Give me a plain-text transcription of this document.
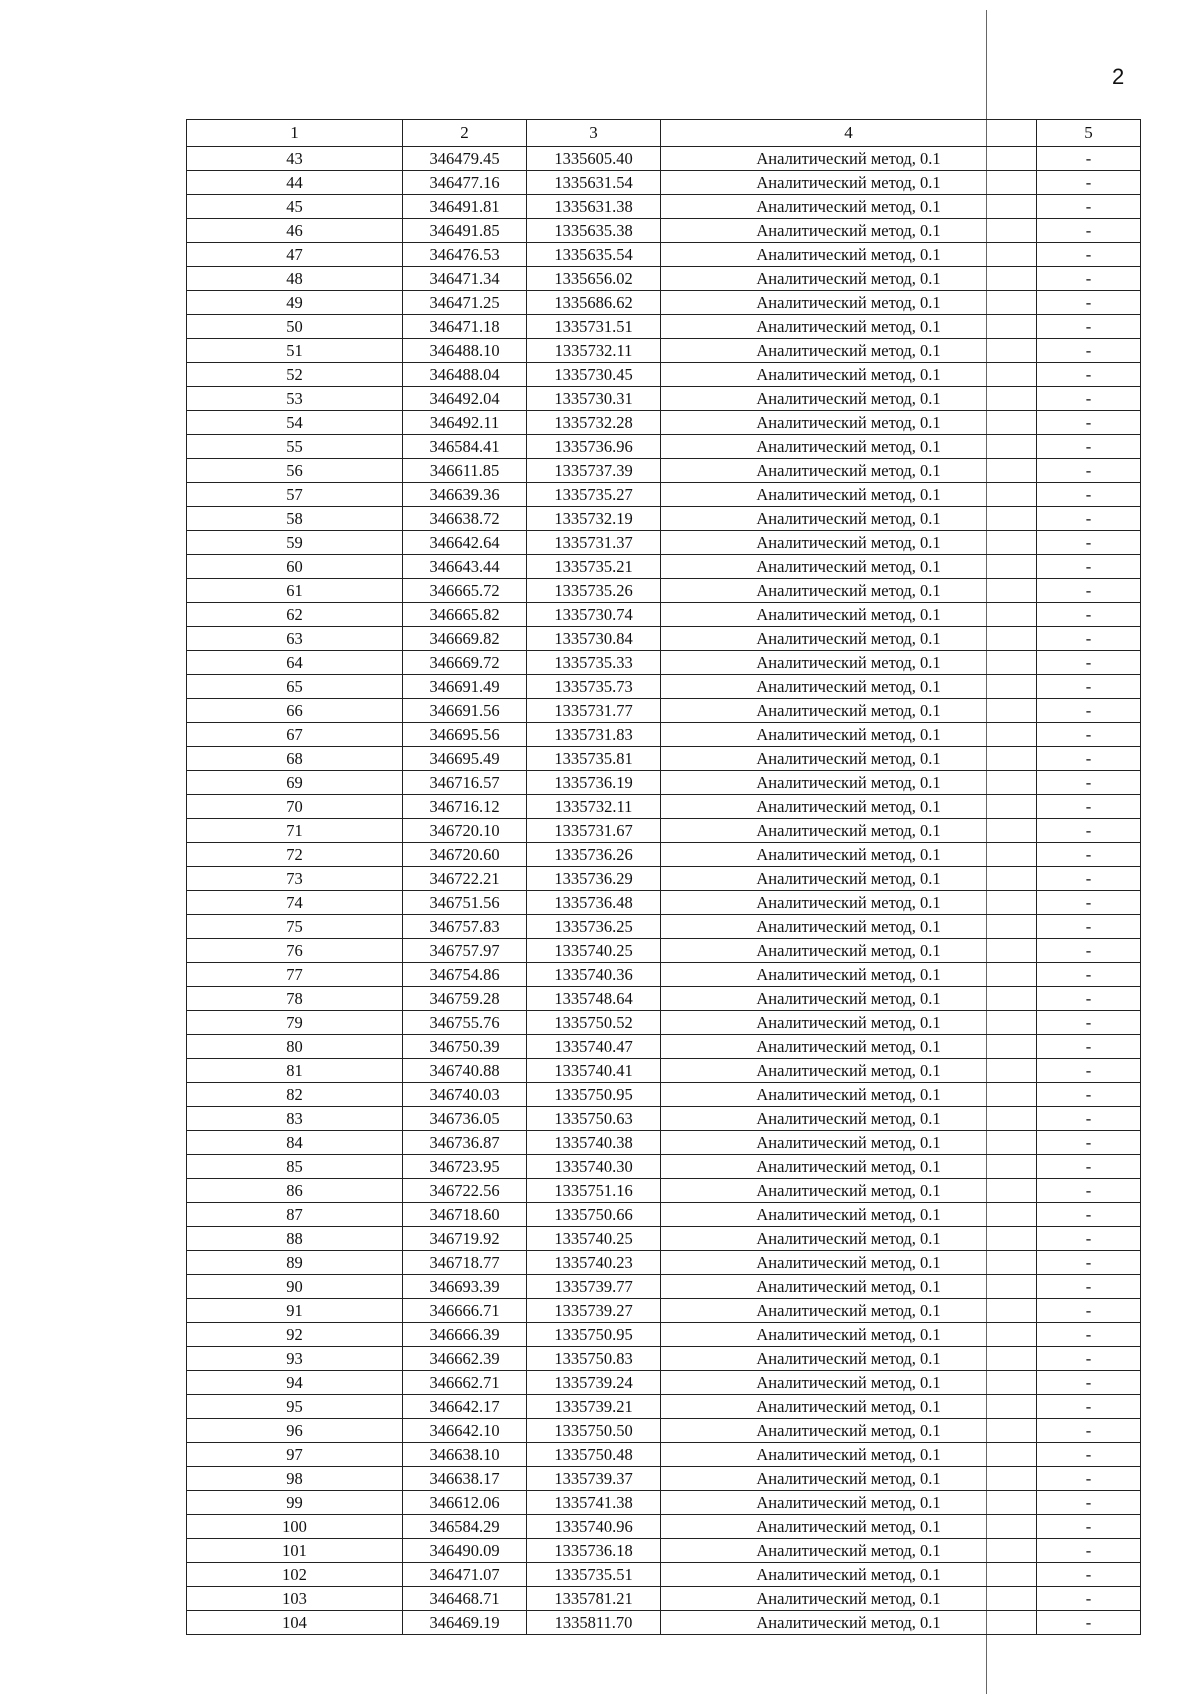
2
1	2	3	4	5
43	346479.45	1335605.40	Аналитический метод, 0.1	-
44	346477.16	1335631.54	Аналитический метод, 0.1	-
45	346491.81	1335631.38	Аналитический метод, 0.1	-
46	346491.85	1335635.38	Аналитический метод, 0.1	-
47	346476.53	1335635.54	Аналитический метод, 0.1	-
48	346471.34	1335656.02	Аналитический метод, 0.1	-
49	346471.25	1335686.62	Аналитический метод, 0.1	-
50	346471.18	1335731.51	Аналитический метод, 0.1	-
51	346488.10	1335732.11	Аналитический метод, 0.1	-
52	346488.04	1335730.45	Аналитический метод, 0.1	-
53	346492.04	1335730.31	Аналитический метод, 0.1	-
54	346492.11	1335732.28	Аналитический метод, 0.1	-
55	346584.41	1335736.96	Аналитический метод, 0.1	-
56	346611.85	1335737.39	Аналитический метод, 0.1	-
57	346639.36	1335735.27	Аналитический метод, 0.1	-
58	346638.72	1335732.19	Аналитический метод, 0.1	-
59	346642.64	1335731.37	Аналитический метод, 0.1	-
60	346643.44	1335735.21	Аналитический метод, 0.1	-
61	346665.72	1335735.26	Аналитический метод, 0.1	-
62	346665.82	1335730.74	Аналитический метод, 0.1	-
63	346669.82	1335730.84	Аналитический метод, 0.1	-
64	346669.72	1335735.33	Аналитический метод, 0.1	-
65	346691.49	1335735.73	Аналитический метод, 0.1	-
66	346691.56	1335731.77	Аналитический метод, 0.1	-
67	346695.56	1335731.83	Аналитический метод, 0.1	-
68	346695.49	1335735.81	Аналитический метод, 0.1	-
69	346716.57	1335736.19	Аналитический метод, 0.1	-
70	346716.12	1335732.11	Аналитический метод, 0.1	-
71	346720.10	1335731.67	Аналитический метод, 0.1	-
72	346720.60	1335736.26	Аналитический метод, 0.1	-
73	346722.21	1335736.29	Аналитический метод, 0.1	-
74	346751.56	1335736.48	Аналитический метод, 0.1	-
75	346757.83	1335736.25	Аналитический метод, 0.1	-
76	346757.97	1335740.25	Аналитический метод, 0.1	-
77	346754.86	1335740.36	Аналитический метод, 0.1	-
78	346759.28	1335748.64	Аналитический метод, 0.1	-
79	346755.76	1335750.52	Аналитический метод, 0.1	-
80	346750.39	1335740.47	Аналитический метод, 0.1	-
81	346740.88	1335740.41	Аналитический метод, 0.1	-
82	346740.03	1335750.95	Аналитический метод, 0.1	-
83	346736.05	1335750.63	Аналитический метод, 0.1	-
84	346736.87	1335740.38	Аналитический метод, 0.1	-
85	346723.95	1335740.30	Аналитический метод, 0.1	-
86	346722.56	1335751.16	Аналитический метод, 0.1	-
87	346718.60	1335750.66	Аналитический метод, 0.1	-
88	346719.92	1335740.25	Аналитический метод, 0.1	-
89	346718.77	1335740.23	Аналитический метод, 0.1	-
90	346693.39	1335739.77	Аналитический метод, 0.1	-
91	346666.71	1335739.27	Аналитический метод, 0.1	-
92	346666.39	1335750.95	Аналитический метод, 0.1	-
93	346662.39	1335750.83	Аналитический метод, 0.1	-
94	346662.71	1335739.24	Аналитический метод, 0.1	-
95	346642.17	1335739.21	Аналитический метод, 0.1	-
96	346642.10	1335750.50	Аналитический метод, 0.1	-
97	346638.10	1335750.48	Аналитический метод, 0.1	-
98	346638.17	1335739.37	Аналитический метод, 0.1	-
99	346612.06	1335741.38	Аналитический метод, 0.1	-
100	346584.29	1335740.96	Аналитический метод, 0.1	-
101	346490.09	1335736.18	Аналитический метод, 0.1	-
102	346471.07	1335735.51	Аналитический метод, 0.1	-
103	346468.71	1335781.21	Аналитический метод, 0.1	-
104	346469.19	1335811.70	Аналитический метод, 0.1	-
